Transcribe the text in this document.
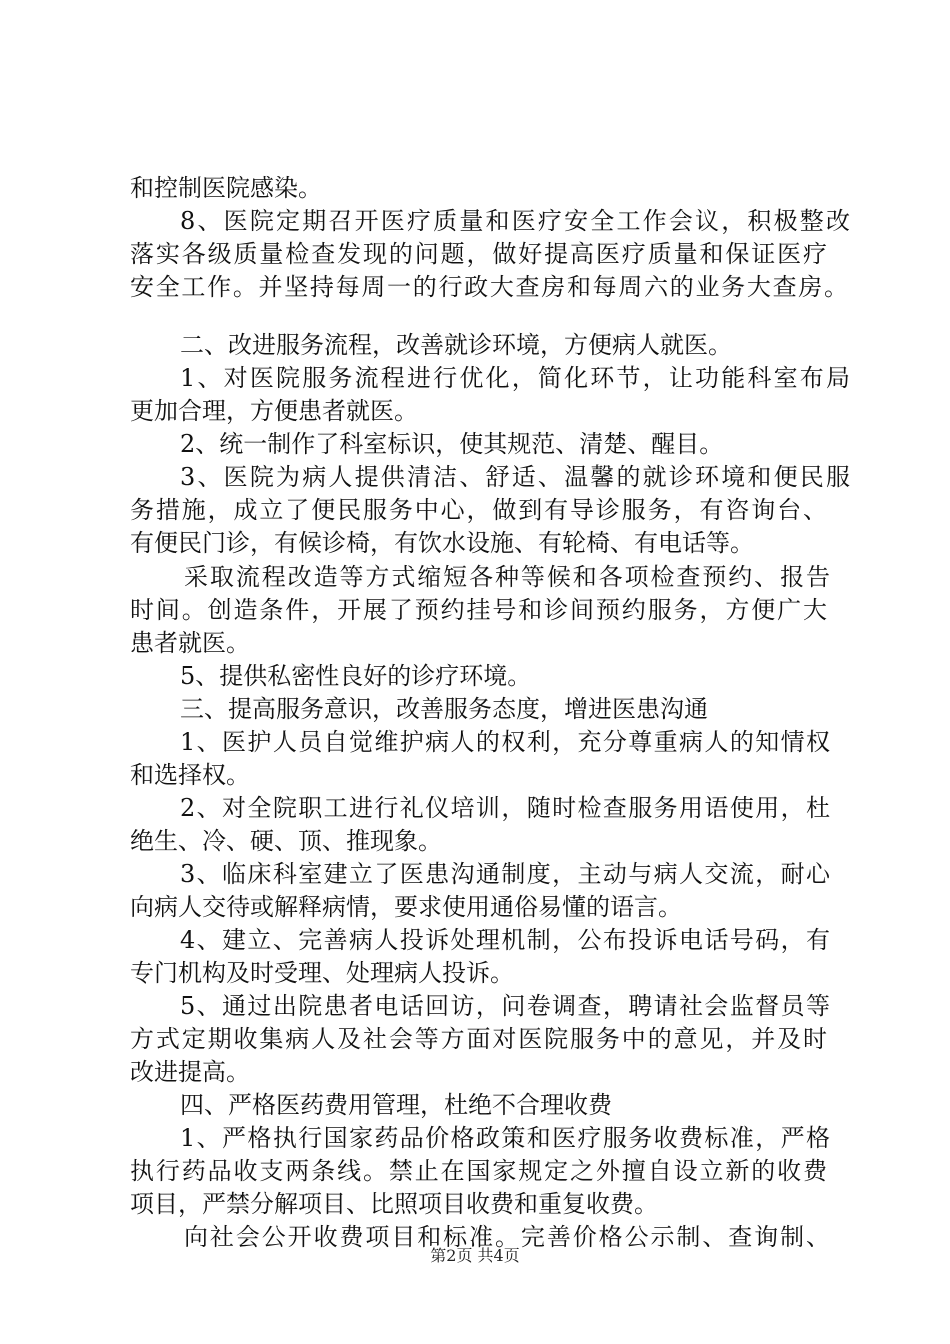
和控制医院感染。
8、医院定期召开医疗质量和医疗安全工作会议，积极整改
落实各级质量检查发现的问题，做好提高医疗质量和保证医疗
安全工作。并坚持每周一的行政大查房和每周六的业务大查房。
二、改进服务流程，改善就诊环境，方便病人就医。
1、对医院服务流程进行优化，简化环节，让功能科室布局
更加合理，方便患者就医。
2、统一制作了科室标识，使其规范、清楚、醒目。
3、医院为病人提供清洁、舒适、温馨的就诊环境和便民服
务措施，成立了便民服务中心，做到有导诊服务，有咨询台、
有便民门诊，有候诊椅，有饮水设施、有轮椅、有电话等。
采取流程改造等方式缩短各种等候和各项检查预约、报告
时间。创造条件，开展了预约挂号和诊间预约服务，方便广大
患者就医。
5、提供私密性良好的诊疗环境。
三、提高服务意识，改善服务态度，增进医患沟通
1、医护人员自觉维护病人的权利，充分尊重病人的知情权
和选择权。
2、对全院职工进行礼仪培训，随时检查服务用语使用，杜
绝生、冷、硬、顶、推现象。
3、临床科室建立了医患沟通制度，主动与病人交流，耐心
向病人交待或解释病情，要求使用通俗易懂的语言。
4、建立、完善病人投诉处理机制，公布投诉电话号码，有
专门机构及时受理、处理病人投诉。
5、通过出院患者电话回访，问卷调查，聘请社会监督员等
方式定期收集病人及社会等方面对医院服务中的意见，并及时
改进提高。
四、严格医药费用管理，杜绝不合理收费
1、严格执行国家药品价格政策和医疗服务收费标准，严格
执行药品收支两条线。禁止在国家规定之外擅自设立新的收费
项目，严禁分解项目、比照项目收费和重复收费。
向社会公开收费项目和标准。完善价格公示制、查询制、
第2页 共4页
